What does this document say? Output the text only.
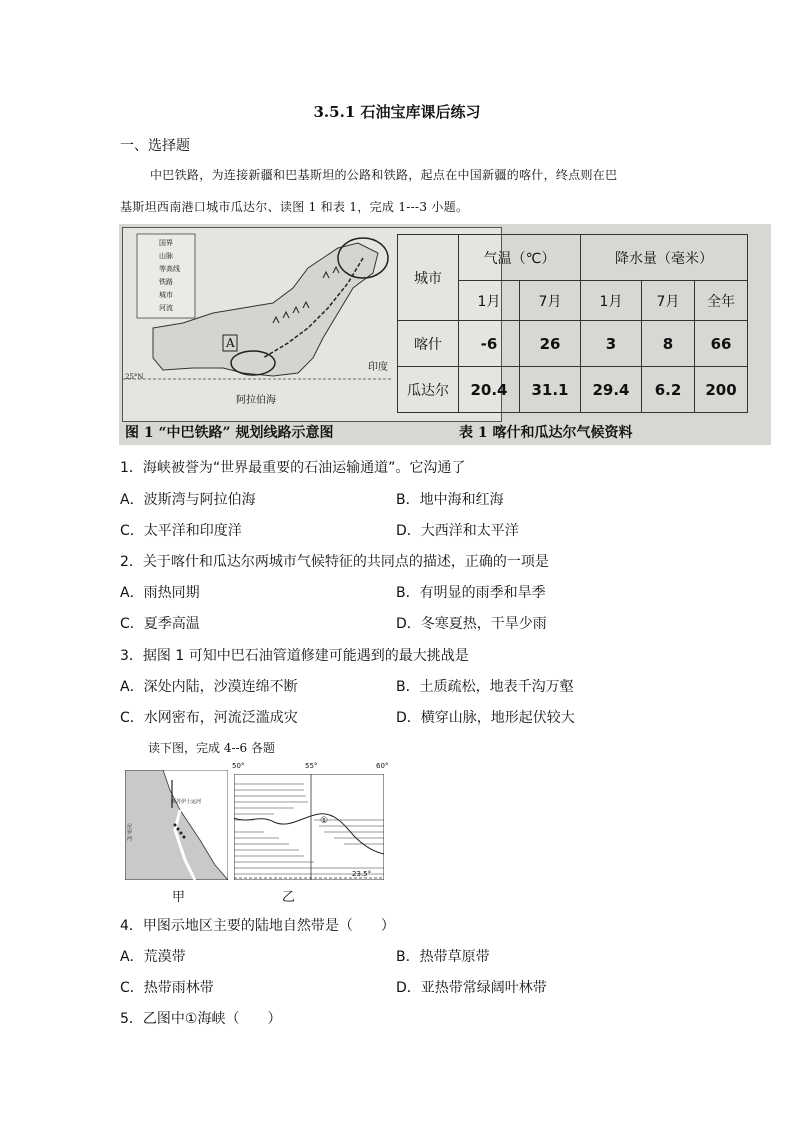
3.5.1 石油宝库课后练习
一、选择题
中巴铁路，为连接新疆和巴基斯坦的公路和铁路，起点在中国新疆的喀什，终点则在巴
基斯坦西南港口城市瓜达尔、读图 1 和表 1，完成 1---3 小题。
国界
山脉
等高线
铁路
城市
河流
A
阿拉伯海
印度
25°N
城市	气温（℃）		降水量（毫米）		
	1月	7月	1月	7月	全年
喀什	-6	26	3	8	66
瓜达尔	20.4	31.1	29.4	6.2	200
图 1 “中巴铁路” 规划线路示意图	表 1 喀什和瓜达尔气候资料
1．海峡被誉为“世界最重要的石油运输通道”。它沟通了
A．波斯湾与阿拉伯海	B．地中海和红海
C．太平洋和印度洋	D．大西洋和太平洋
2．关于喀什和瓜达尔两城市气候特征的共同点的描述，正确的一项是
A．雨热同期	B．有明显的雨季和旱季
C．夏季高温	D．冬寒夏热，干旱少雨
3．据图 1 可知中巴石油管道修建可能遇到的最大挑战是
A．深处内陆，沙漠连绵不断	B．土质疏松，地表千沟万壑
C．水网密布，河流泛滥成灾	D．横穿山脉，地形起伏较大
读下图，完成 4--6 各题
新苏伊士运河
尼罗河
甲
50°	55°	60°
23.5°
①
乙
4．甲图示地区主要的陆地自然带是（　　）
A．荒漠带	B．热带草原带
C．热带雨林带	D．亚热带常绿阔叶林带
5．乙图中①海峡（　　）
